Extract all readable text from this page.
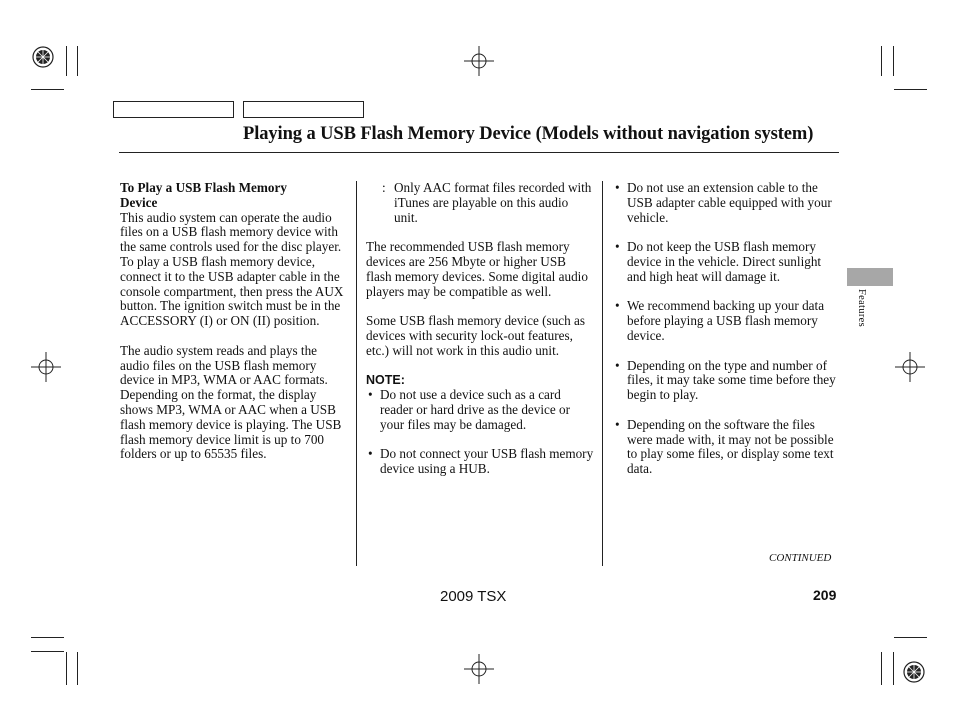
Playing a USB Flash Memory Device (Models without navigation system)
To Play a USB Flash Memory
Device

This audio system can operate the audio files on a USB flash memory device with the same controls used for the disc player. To play a USB flash memory device, connect it to the USB adapter cable in the console compartment, then press the AUX button. The ignition switch must be in the ACCESSORY (I) or ON (II) position.

The audio system reads and plays the audio files on the USB flash memory device in MP3, WMA or AAC formats. Depending on the format, the display shows MP3, WMA or AAC when a USB flash memory device is playing. The USB flash memory device limit is up to 700 folders or up to 65535 files.

: Only AAC format files recorded with iTunes are playable on this audio unit.

The recommended USB flash memory devices are 256 Mbyte or higher USB flash memory devices. Some digital audio players may be compatible as well.

Some USB flash memory device (such as devices with security lock-out features, etc.) will not work in this audio unit.

NOTE:
• Do not use a device such as a card reader or hard drive as the device or your files may be damaged.
• Do not connect your USB flash memory device using a HUB.
• Do not use an extension cable to the USB adapter cable equipped with your vehicle.
• Do not keep the USB flash memory device in the vehicle. Direct sunlight and high heat will damage it.
• We recommend backing up your data before playing a USB flash memory device.
• Depending on the type and number of files, it may take some time before they begin to play.
• Depending on the software the files were made with, it may not be possible to play some files, or display some text data.
Features
CONTINUED
2009 TSX	209
